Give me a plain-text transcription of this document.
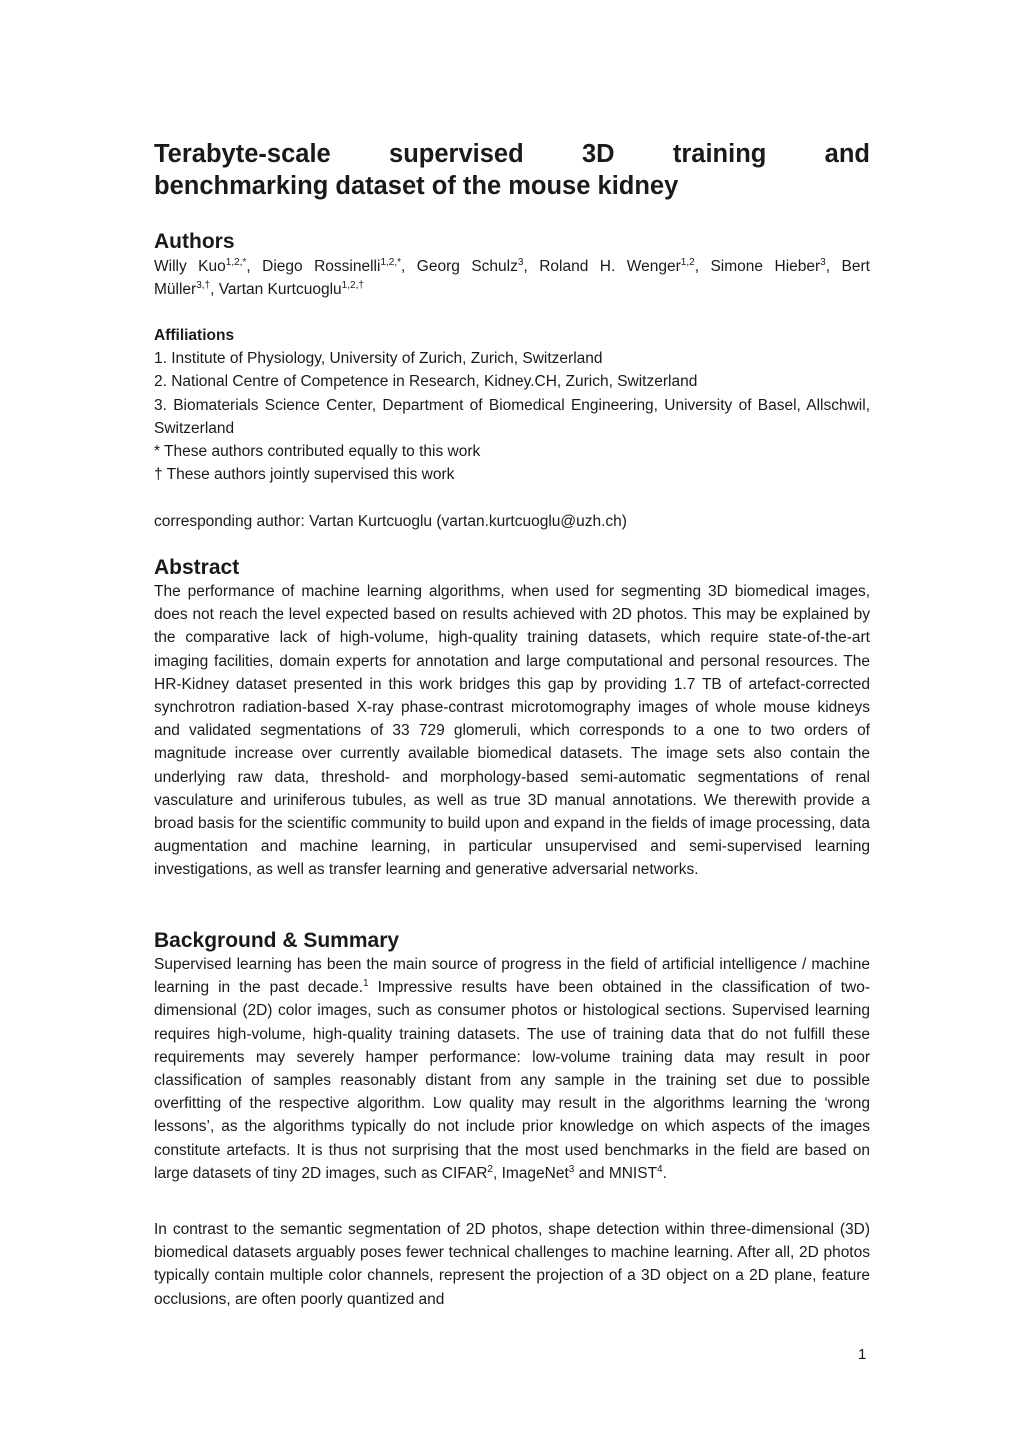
Terabyte-scale supervised 3D training and
benchmarking dataset of the mouse kidney
Authors
Willy Kuo$^{1,2,*}$, Diego Rossinelli$^{1,2,*}$, Georg Schulz$^3$, Roland H. Wenger$^{1,2}$, Simone Hieber$^3$, Bert
Müller$^{3,\dagger}$, Vartan Kurtcuoglu$^{1,2,\dagger}$
Affiliations
1. Institute of Physiology, University of Zurich, Zurich, Switzerland
2. National Centre of Competence in Research, Kidney.CH, Zurich, Switzerland
3. Biomaterials Science Center, Department of Biomedical Engineering, University of Basel, Allschwil, Switzerland
* These authors contributed equally to this work
† These authors jointly supervised this work
corresponding author: Vartan Kurtcuoglu (vartan.kurtcuoglu@uzh.ch)
Abstract

The performance of machine learning algorithms, when used for segmenting 3D biomedical images, does not reach the level expected based on results achieved with 2D photos. This may be explained by the comparative lack of high-volume, high-quality training datasets, which require state-of-the-art imaging facilities, domain experts for annotation and large computational and personal resources. The HR-Kidney dataset presented in this work bridges this gap by providing 1.7 TB of artefact-corrected synchrotron radiation-based X-ray phase-contrast microtomography images of whole mouse kidneys and validated segmentations of 33 729 glomeruli, which corresponds to a one to two orders of magnitude increase over currently available biomedical datasets. The image sets also contain the underlying raw data, threshold- and morphology-based semi-automatic segmentations of renal vasculature and uriniferous tubules, as well as true 3D manual annotations. We therewith provide a broad basis for the scientific community to build upon and expand in the fields of image processing, data augmentation and machine learning, in particular unsupervised and semi-supervised learning investigations, as well as transfer learning and generative adversarial networks.

Background & Summary

Supervised learning has been the main source of progress in the field of artificial intelligence / machine learning in the past decade.$^1$ Impressive results have been obtained in the classification of two-dimensional (2D) color images, such as consumer photos or histological sections. Supervised learning requires high-volume, high-quality training datasets. The use of training data that do not fulfill these requirements may severely hamper performance: low-volume training data may result in poor classification of samples reasonably distant from any sample in the training set due to possible overfitting of the respective algorithm. Low quality may result in the algorithms learning the ‘wrong lessons’, as the algorithms typically do not include prior knowledge on which aspects of the images constitute artefacts. It is thus not surprising that the most used benchmarks in the field are based on large datasets of tiny 2D images, such as CIFAR$^2$, ImageNet$^3$ and MNIST$^4$.

In contrast to the semantic segmentation of 2D photos, shape detection within three-dimensional (3D) biomedical datasets arguably poses fewer technical challenges to machine learning. After all, 2D photos typically contain multiple color channels, represent the projection of a 3D object on a 2D plane, feature occlusions, are often poorly quantized and

1
